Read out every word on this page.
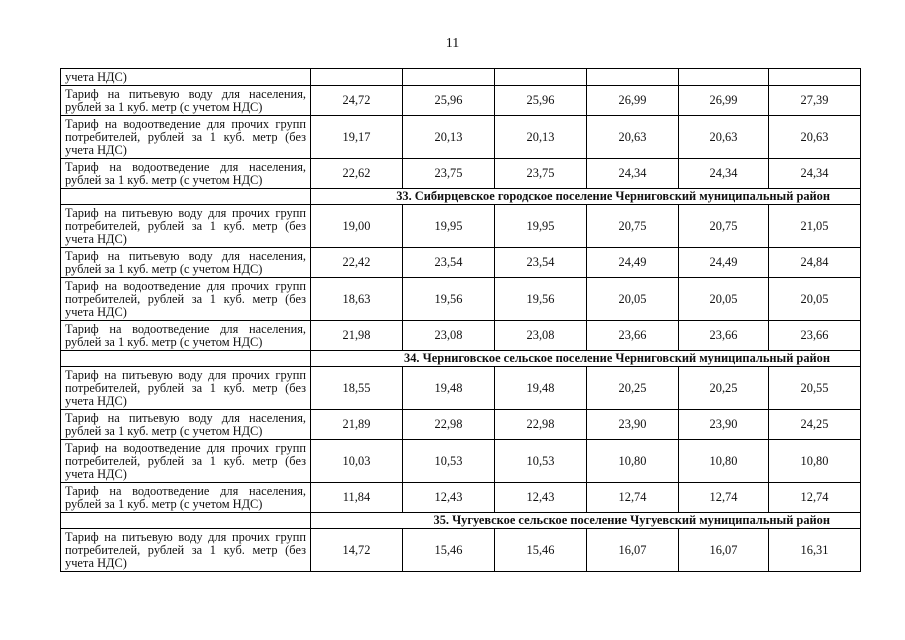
11
учета НДС)						
Тариф на питьевую воду для населения, рублей за 1 куб. метр (с учетом НДС)	24,72	25,96	25,96	26,99	26,99	27,39
Тариф на водоотведение для прочих групп потребителей, рублей за 1 куб. метр (без учета НДС)	19,17	20,13	20,13	20,63	20,63	20,63
Тариф на водоотведение для населения, рублей за 1 куб. метр (с учетом НДС)	22,62	23,75	23,75	24,34	24,34	24,34
	33. Сибирцевское городское поселение Черниговский муниципальный район					
Тариф на питьевую воду для прочих групп потребителей, рублей за 1 куб. метр (без учета НДС)	19,00	19,95	19,95	20,75	20,75	21,05
Тариф на питьевую воду для населения, рублей за 1 куб. метр (с учетом НДС)	22,42	23,54	23,54	24,49	24,49	24,84
Тариф на водоотведение для прочих групп потребителей, рублей за 1 куб. метр (без учета НДС)	18,63	19,56	19,56	20,05	20,05	20,05
Тариф на водоотведение для населения, рублей за 1 куб. метр (с учетом НДС)	21,98	23,08	23,08	23,66	23,66	23,66
	34. Черниговское сельское поселение Черниговский муниципальный район					
Тариф на питьевую воду для прочих групп потребителей, рублей за 1 куб. метр (без учета НДС)	18,55	19,48	19,48	20,25	20,25	20,55
Тариф на питьевую воду для населения, рублей за 1 куб. метр (с учетом НДС)	21,89	22,98	22,98	23,90	23,90	24,25
Тариф на водоотведение для прочих групп потребителей, рублей за 1 куб. метр (без учета НДС)	10,03	10,53	10,53	10,80	10,80	10,80
Тариф на водоотведение для населения, рублей за 1 куб. метр (с учетом НДС)	11,84	12,43	12,43	12,74	12,74	12,74
	35. Чугуевское сельское поселение Чугуевский муниципальный район					
Тариф на питьевую воду для прочих групп потребителей, рублей за 1 куб. метр (без учета НДС)	14,72	15,46	15,46	16,07	16,07	16,31
